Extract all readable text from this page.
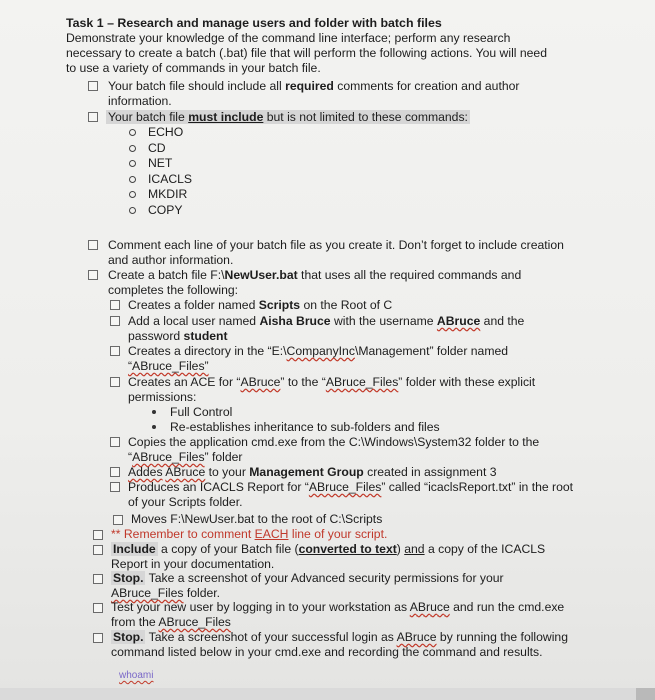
Task 1 – Research and manage users and folder with batch files
Demonstrate your knowledge of the command line interface; perform any research
necessary to create a batch (.bat) file that will perform the following actions. You will need
to use a variety of commands in your batch file.
Your batch file should include all required comments for creation and author
information.
Your batch file must include but is not limited to these commands:
ECHO
CD
NET
ICACLS
MKDIR
COPY
Comment each line of your batch file as you create it. Don’t forget to include creation
and author information.
Create a batch file F:\NewUser.bat that uses all the required commands and
completes the following:
Creates a folder named Scripts on the Root of C
Add a local user named Aisha Bruce with the username ABruce and the
password student
Creates a directory in the “E:\CompanyInc\Management” folder named
“ABruce_Files”
Creates an ACE for “ABruce” to the “ABruce_Files” folder with these explicit
permissions:
Full Control
Re-establishes inheritance to sub-folders and files
Copies the application cmd.exe from the C:\Windows\System32 folder to the
“ABruce_Files” folder
Addes ABruce to your Management Group created in assignment 3
Produces an ICACLS Report for “ABruce_Files” called “icaclsReport.txt” in the root
of your Scripts folder.
Moves F:\NewUser.bat to the root of C:\Scripts
** Remember to comment EACH line of your script.
Include a copy of your Batch file (converted to text) and a copy of the ICACLS
Report in your documentation.
Stop. Take a screenshot of your Advanced security permissions for your
ABruce_Files folder.
Test your new user by logging in to your workstation as ABruce and run the cmd.exe
from the ABruce_Files
Stop. Take a screenshot of your successful login as ABruce by running the following
command listed below in your cmd.exe and recording the command and results.
whoami
